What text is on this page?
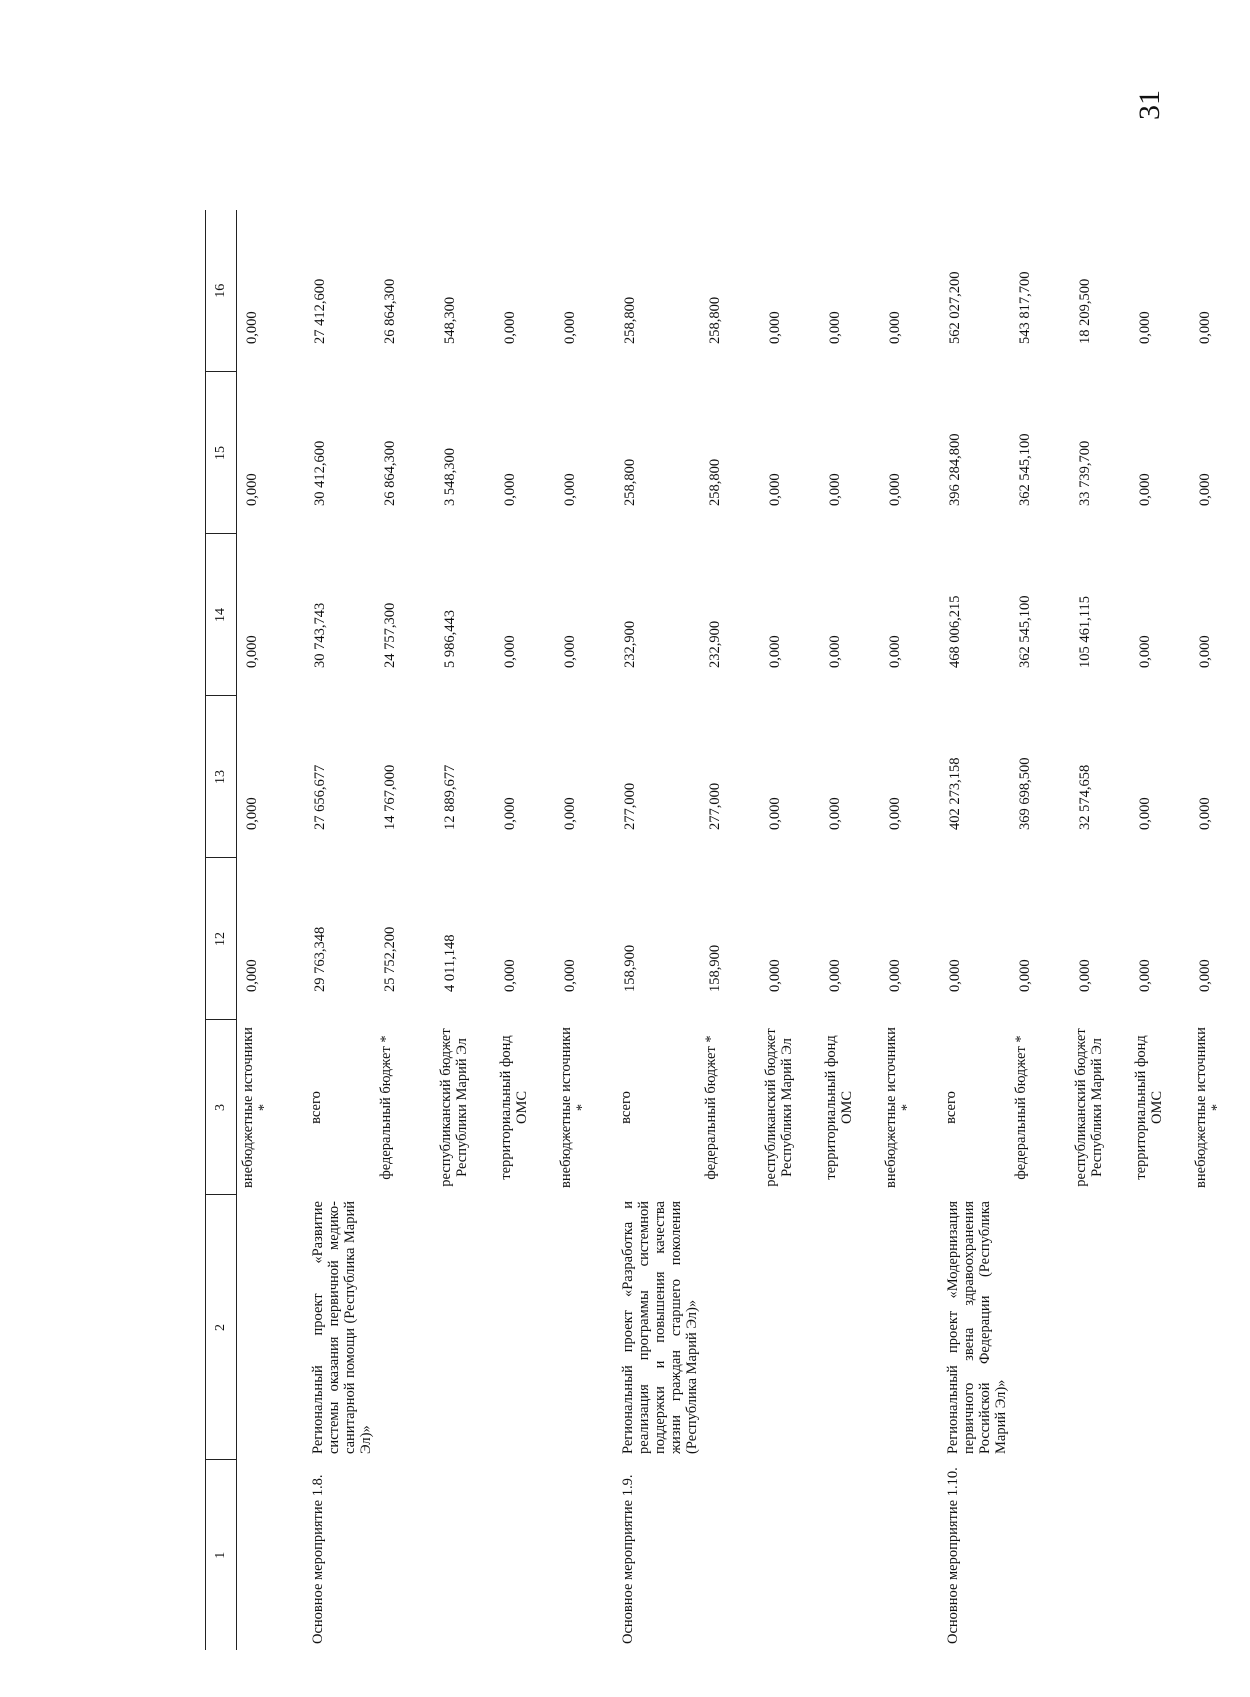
31
1	2	3	12	13	14	15	16
		внебюджетные источники *	0,000	0,000	0,000	0,000	0,000
Основное мероприятие 1.8.	Региональный проект «Развитие системы оказания первичной медико-санитарной помощи (Республика Марий Эл)»	всего	29 763,348	27 656,677	30 743,743	30 412,600	27 412,600
		федеральный бюджет *	25 752,200	14 767,000	24 757,300	26 864,300	26 864,300
		республиканский бюджет Республики Марий Эл	4 011,148	12 889,677	5 986,443	3 548,300	548,300
		территориальный фонд ОМС	0,000	0,000	0,000	0,000	0,000
		внебюджетные источники *	0,000	0,000	0,000	0,000	0,000
Основное мероприятие 1.9.	Региональный проект «Разработка и реализация программы системной поддержки и повышения качества жизни граждан старшего поколения (Республика Марий Эл)»	всего	158,900	277,000	232,900	258,800	258,800
		федеральный бюджет *	158,900	277,000	232,900	258,800	258,800
		республиканский бюджет Республики Марий Эл	0,000	0,000	0,000	0,000	0,000
		территориальный фонд ОМС	0,000	0,000	0,000	0,000	0,000
		внебюджетные источники *	0,000	0,000	0,000	0,000	0,000
Основное мероприятие 1.10.	Региональный проект «Модернизация первичного звена здравоохранения Российской Федерации (Республика Марий Эл)»	всего	0,000	402 273,158	468 006,215	396 284,800	562 027,200
		федеральный бюджет *	0,000	369 698,500	362 545,100	362 545,100	543 817,700
		республиканский бюджет Республики Марий Эл	0,000	32 574,658	105 461,115	33 739,700	18 209,500
		территориальный фонд ОМС	0,000	0,000	0,000	0,000	0,000
		внебюджетные источники *	0,000	0,000	0,000	0,000	0,000
